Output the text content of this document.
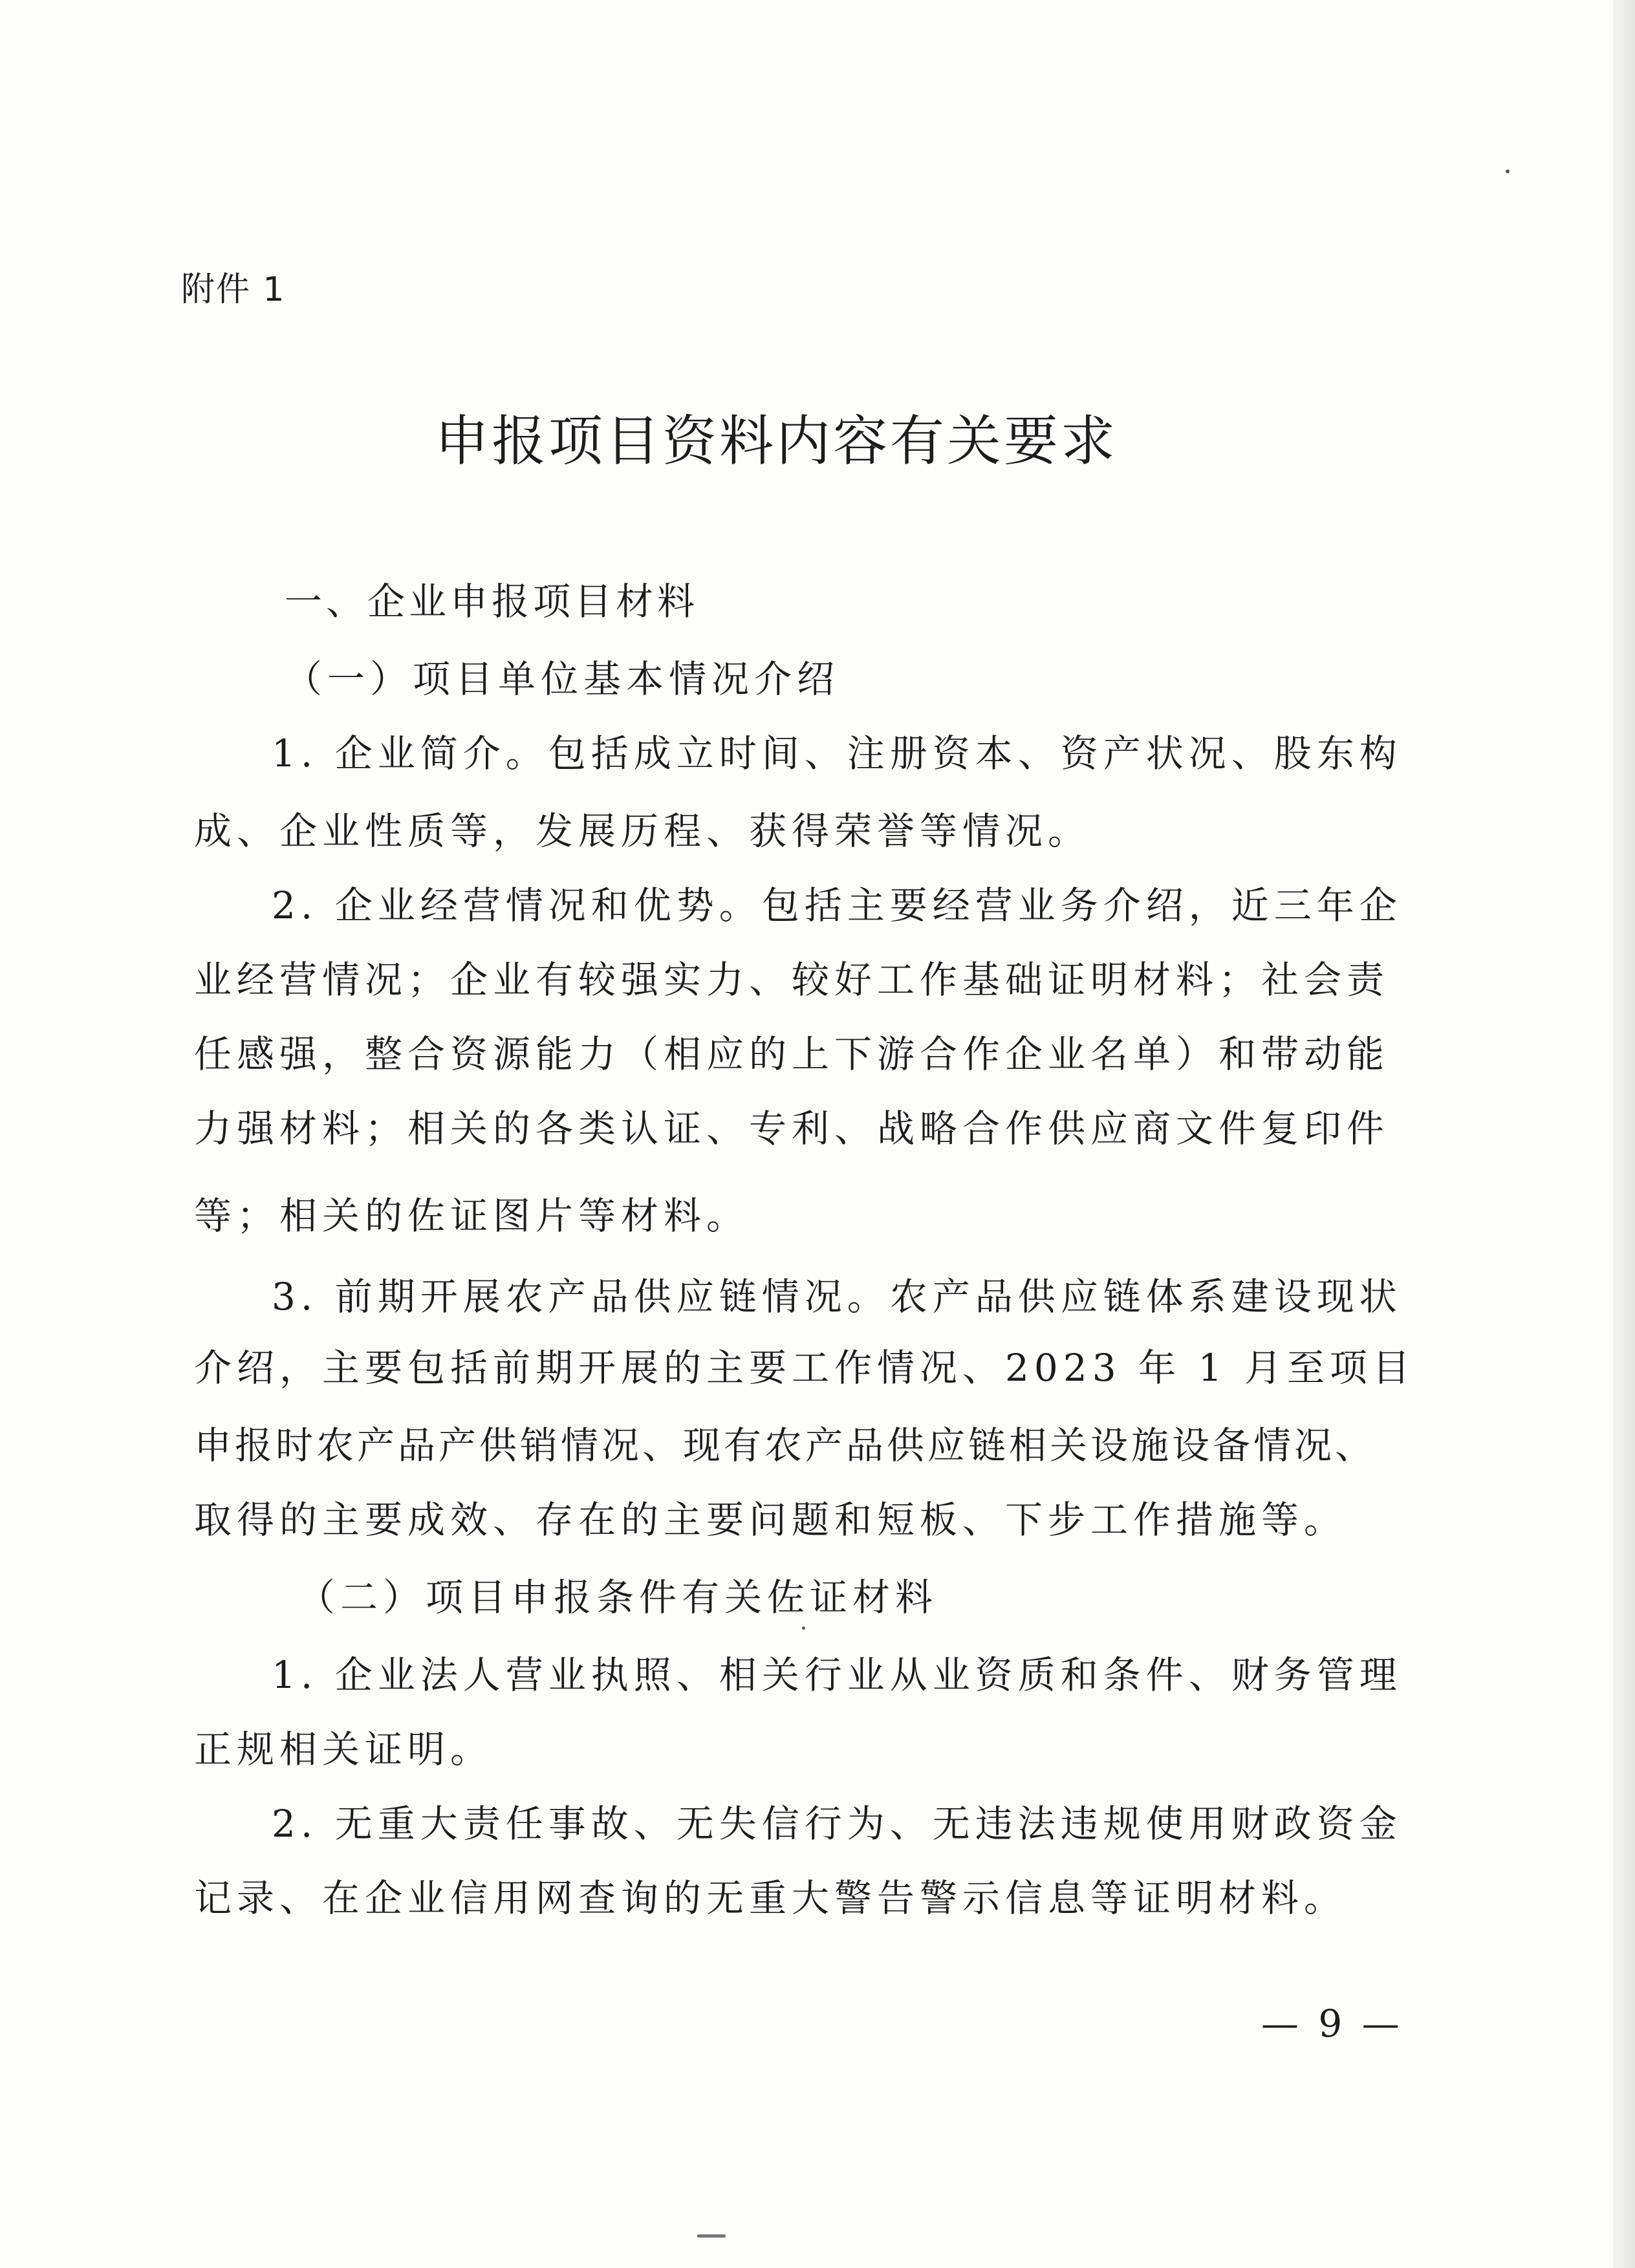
附件 1
申报项目资料内容有关要求
一、企业申报项目材料
（一）项目单位基本情况介绍
1. 企业简介。包括成立时间、注册资本、资产状况、股东构
成、企业性质等，发展历程、获得荣誉等情况。
2. 企业经营情况和优势。包括主要经营业务介绍，近三年企
业经营情况；企业有较强实力、较好工作基础证明材料；社会责
任感强，整合资源能力（相应的上下游合作企业名单）和带动能
力强材料；相关的各类认证、专利、战略合作供应商文件复印件
等；相关的佐证图片等材料。
3. 前期开展农产品供应链情况。农产品供应链体系建设现状
介绍，主要包括前期开展的主要工作情况、2023 年 1 月至项目
申报时农产品产供销情况、现有农产品供应链相关设施设备情况、
取得的主要成效、存在的主要问题和短板、下步工作措施等。
（二）项目申报条件有关佐证材料
1. 企业法人营业执照、相关行业从业资质和条件、财务管理
正规相关证明。
2. 无重大责任事故、无失信行为、无违法违规使用财政资金
记录、在企业信用网查询的无重大警告警示信息等证明材料。
— 9 —
